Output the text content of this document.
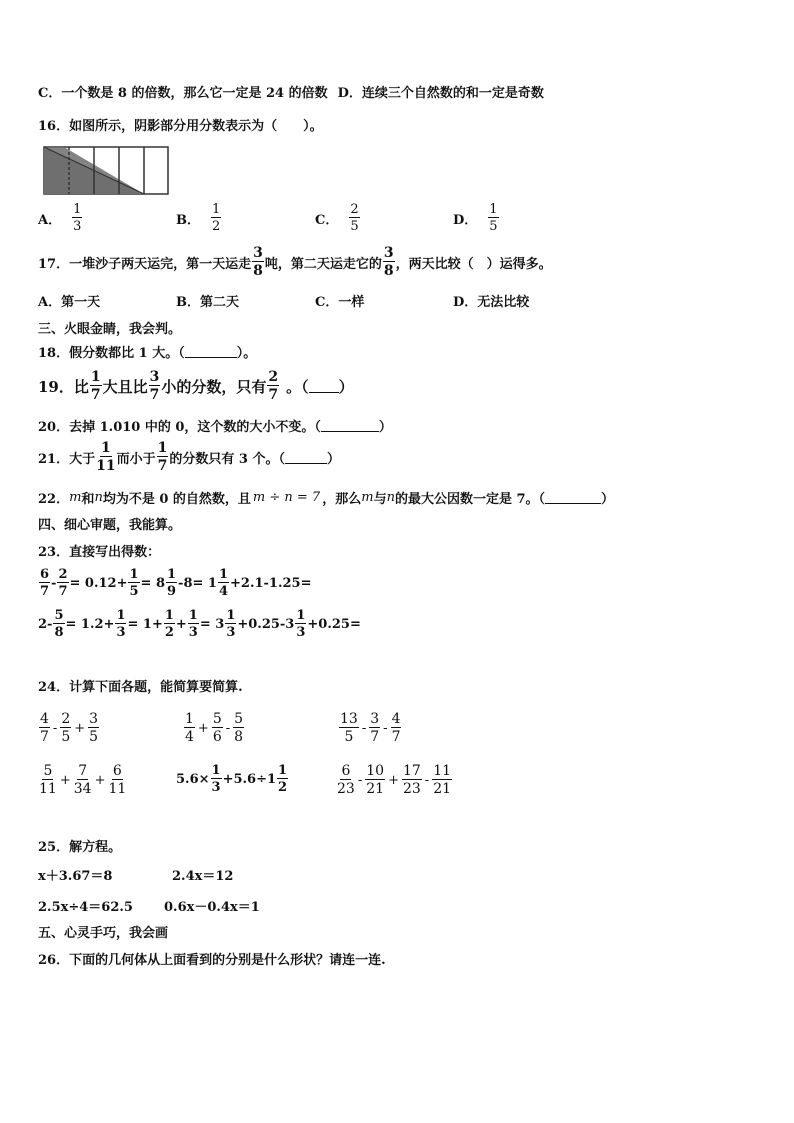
C．一个数是 8 的倍数，那么它一定是 24 的倍数 D．连续三个自然数的和一定是奇数
16．如图所示，阴影部分用分数表示为（　　）。
A． $\frac{1}{3}$	B． $\frac{1}{2}$	C． $\frac{2}{5}$	D． $\frac{1}{5}$
17．一堆沙子两天运完，第一天运走 $\frac{3}{8}$ 吨，第二天运走它的 $\frac{3}{8}$ ，两天比较（　）运得多。
A．第一天	B．第二天	C．一样	D．无法比较
三、火眼金睛，我会判。
18．假分数都比 1 大。（	）。
19．比 $\frac{1}{7}$ 大且比 $\frac{3}{7}$ 小的分数，只有 $\frac{2}{7}$ 。（ ）
20．去掉 1.010 中的 0，这个数的大小不变。（	）
21．大于 $\frac{1}{11}$ 而小于 $\frac{1}{7}$ 的分数只有 3 个。（	）
22． m 和 n 均为不是 0 的自然数，且 m ÷ n = 7 ，那么 m 与 n 的最大公因数一定是 7。（	）
四、细心审题，我能算。
23．直接写出得数：
$\frac{6}{7} - \frac{2}{7} = 0.12+ \frac{1}{5} = 8 \frac{1}{9} -8= 1 \frac{1}{4} +2.1-1.25=$
$2- \frac{5}{8} = 1.2+ \frac{1}{3} = 1+ \frac{1}{2} + \frac{1}{3} = 3 \frac{1}{3} +0.25-3 \frac{1}{3} +0.25=$
24．计算下面各题，能简算要简算.
$\frac{4}{7} - \frac{2}{5} + \frac{3}{5}$	$\frac{1}{4} + \frac{5}{6} - \frac{5}{8}$	$\frac{13}{5} - \frac{3}{7} - \frac{4}{7}$
$\frac{5}{11} + \frac{7}{34} + \frac{6}{11}$	$5.6\times \frac{1}{3} +5.6\div 1 \frac{1}{2}$	$\frac{6}{23} - \frac{10}{21} + \frac{17}{23} - \frac{11}{21}$
25．解方程。
x＋3.67＝8	2.4x＝12
2.5x÷4＝62.5 0.6x－0.4x＝1
五、心灵手巧，我会画
26．下面的几何体从上面看到的分别是什么形状？请连一连.
